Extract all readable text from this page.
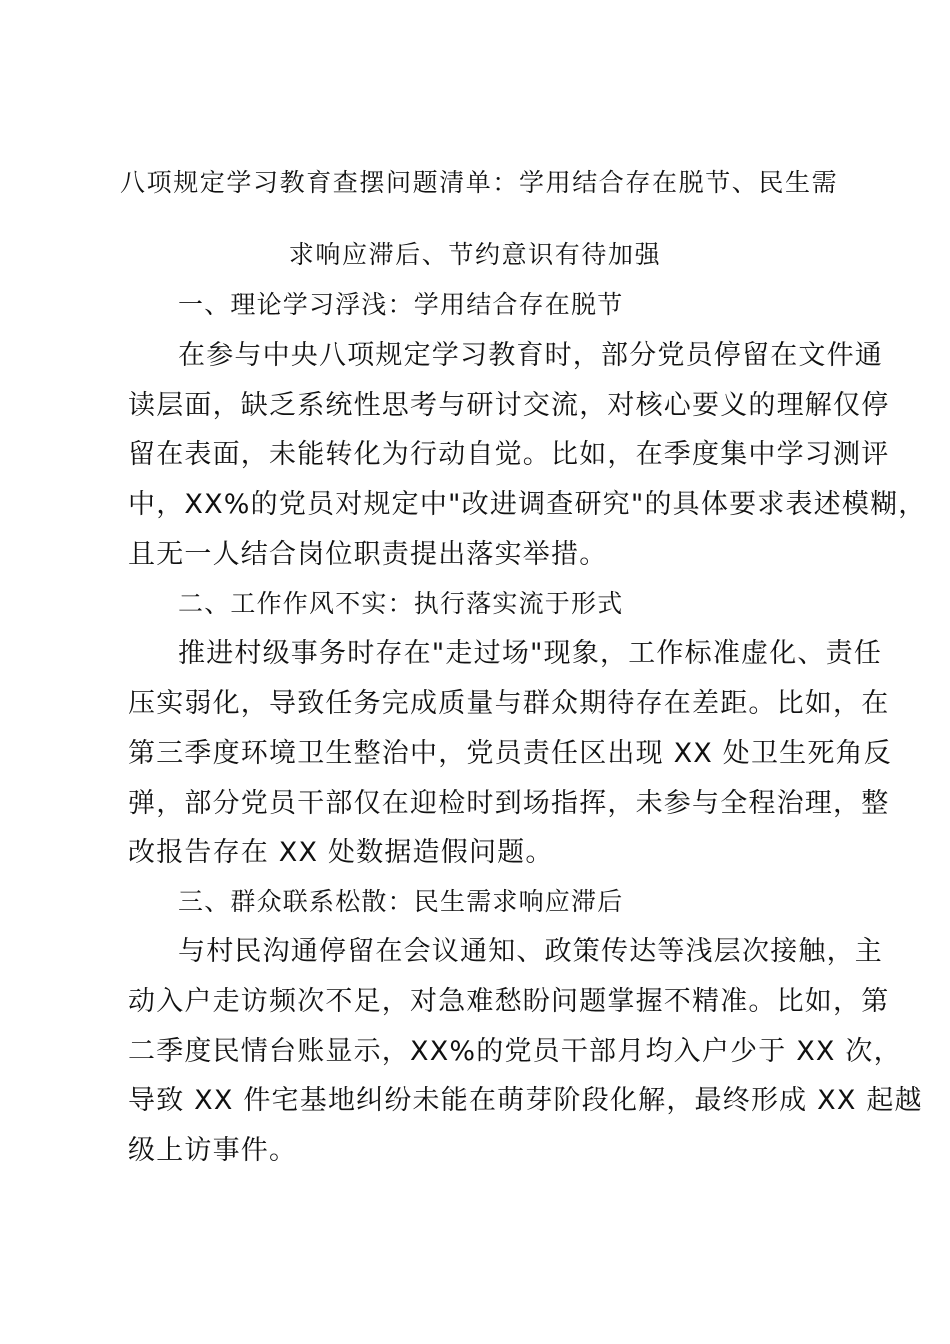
八项规定学习教育查摆问题清单：学用结合存在脱节、民生需
求响应滞后、节约意识有待加强
一、理论学习浮浅：学用结合存在脱节

在参与中央八项规定学习教育时，部分党员停留在文件通

读层面，缺乏系统性思考与研讨交流，对核心要义的理解仅停

留在表面，未能转化为行动自觉。比如，在季度集中学习测评

中，XX%的党员对规定中"改进调查研究"的具体要求表述模糊，

且无一人结合岗位职责提出落实举措。

二、工作作风不实：执行落实流于形式

推进村级事务时存在"走过场"现象，工作标准虚化、责任

压实弱化，导致任务完成质量与群众期待存在差距。比如，在

第三季度环境卫生整治中，党员责任区出现 XX 处卫生死角反

弹，部分党员干部仅在迎检时到场指挥，未参与全程治理，整

改报告存在 XX 处数据造假问题。

三、群众联系松散：民生需求响应滞后

与村民沟通停留在会议通知、政策传达等浅层次接触，主

动入户走访频次不足，对急难愁盼问题掌握不精准。比如，第

二季度民情台账显示，XX%的党员干部月均入户少于 XX 次，

导致 XX 件宅基地纠纷未能在萌芽阶段化解，最终形成 XX 起越

级上访事件。
